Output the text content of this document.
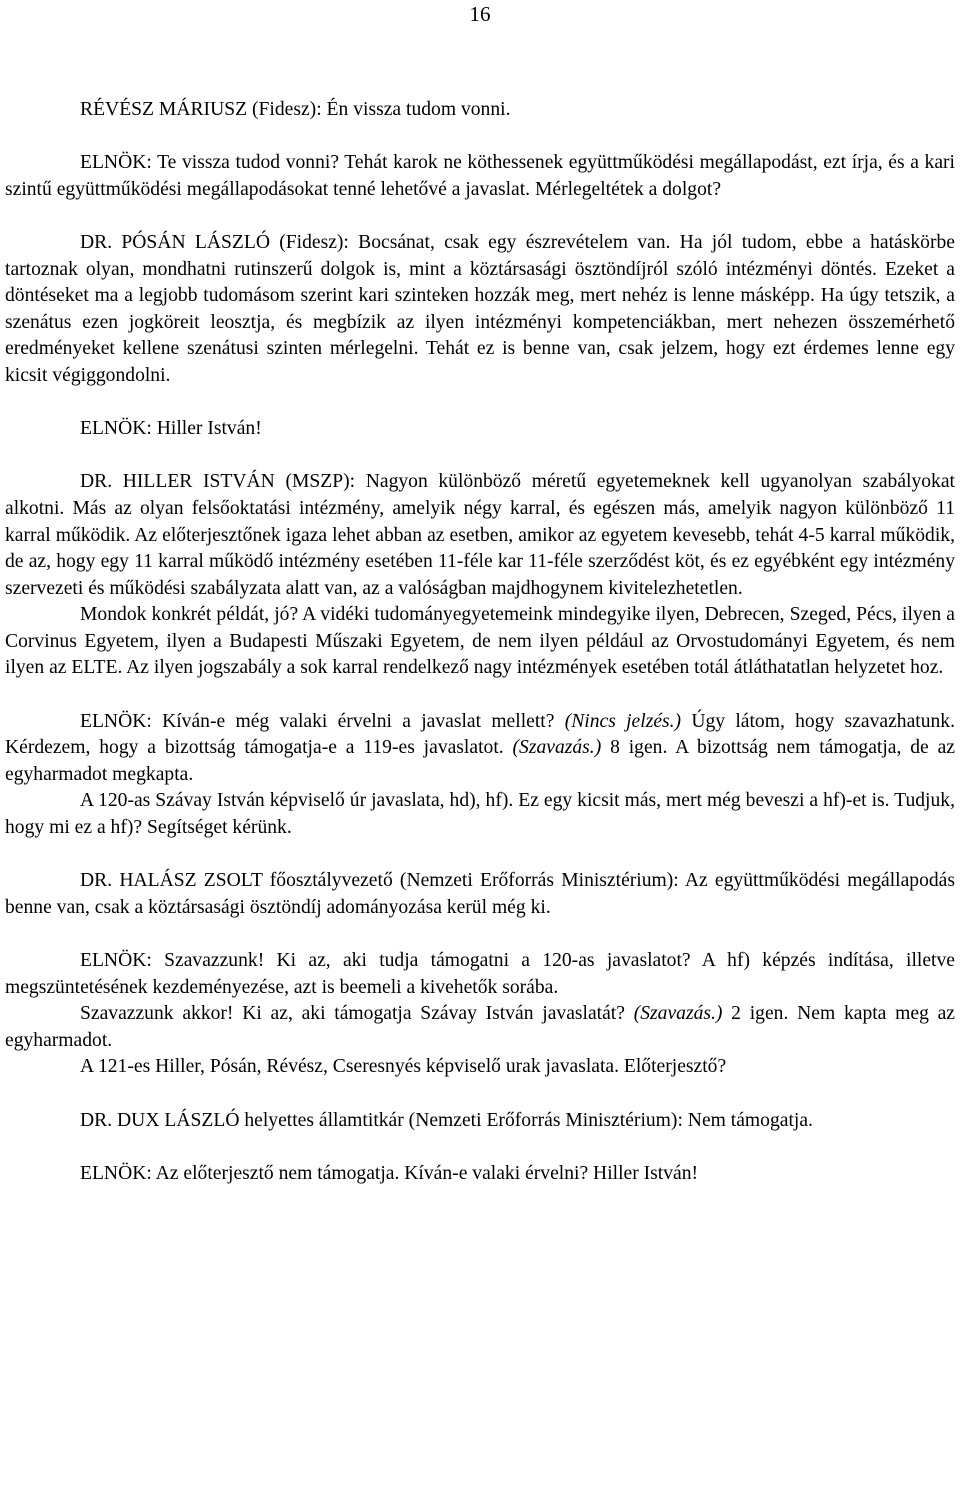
16

RÉVÉSZ MÁRIUSZ (Fidesz): Én vissza tudom vonni.

ELNÖK: Te vissza tudod vonni? Tehát karok ne köthessenek együttműködési megállapodást, ezt írja, és a kari szintű együttműködési megállapodásokat tenné lehetővé a javaslat. Mérlegeltétek a dolgot?

DR. PÓSÁN LÁSZLÓ (Fidesz): Bocsánat, csak egy észrevételem van. Ha jól tudom, ebbe a hatáskörbe tartoznak olyan, mondhatni rutinszerű dolgok is, mint a köztársasági ösztöndíjról szóló intézményi döntés. Ezeket a döntéseket ma a legjobb tudomásom szerint kari szinteken hozzák meg, mert nehéz is lenne másképp. Ha úgy tetszik, a szenátus ezen jogköreit leosztja, és megbízik az ilyen intézményi kompetenciákban, mert nehezen összemérhető eredményeket kellene szenátusi szinten mérlegelni. Tehát ez is benne van, csak jelzem, hogy ezt érdemes lenne egy kicsit végiggondolni.

ELNÖK: Hiller István!

DR. HILLER ISTVÁN (MSZP): Nagyon különböző méretű egyetemeknek kell ugyanolyan szabályokat alkotni. Más az olyan felsőoktatási intézmény, amelyik négy karral, és egészen más, amelyik nagyon különböző 11 karral működik. Az előterjesztőnek igaza lehet abban az esetben, amikor az egyetem kevesebb, tehát 4-5 karral működik, de az, hogy egy 11 karral működő intézmény esetében 11-féle kar 11-féle szerződést köt, és ez egyébként egy intézmény szervezeti és működési szabályzata alatt van, az a valóságban majdhogynem kivitelezhetetlen.

Mondok konkrét példát, jó? A vidéki tudományegyetemeink mindegyike ilyen, Debrecen, Szeged, Pécs, ilyen a Corvinus Egyetem, ilyen a Budapesti Műszaki Egyetem, de nem ilyen például az Orvostudományi Egyetem, és nem ilyen az ELTE. Az ilyen jogszabály a sok karral rendelkező nagy intézmények esetében totál átláthatatlan helyzetet hoz.

ELNÖK: Kíván-e még valaki érvelni a javaslat mellett? (Nincs jelzés.) Úgy látom, hogy szavazhatunk. Kérdezem, hogy a bizottság támogatja-e a 119-es javaslatot. (Szavazás.) 8 igen. A bizottság nem támogatja, de az egyharmadot megkapta.

A 120-as Szávay István képviselő úr javaslata, hd), hf). Ez egy kicsit más, mert még beveszi a hf)-et is. Tudjuk, hogy mi ez a hf)? Segítséget kérünk.

DR. HALÁSZ ZSOLT főosztályvezető (Nemzeti Erőforrás Minisztérium): Az együttműködési megállapodás benne van, csak a köztársasági ösztöndíj adományozása kerül még ki.

ELNÖK: Szavazzunk! Ki az, aki tudja támogatni a 120-as javaslatot? A hf) képzés indítása, illetve megszüntetésének kezdeményezése, azt is beemeli a kivehetők sorába.

Szavazzunk akkor! Ki az, aki támogatja Szávay István javaslatát? (Szavazás.) 2 igen. Nem kapta meg az egyharmadot.

A 121-es Hiller, Pósán, Révész, Cseresnyés képviselő urak javaslata. Előterjesztő?

DR. DUX LÁSZLÓ helyettes államtitkár (Nemzeti Erőforrás Minisztérium): Nem támogatja.

ELNÖK: Az előterjesztő nem támogatja. Kíván-e valaki érvelni? Hiller István!
